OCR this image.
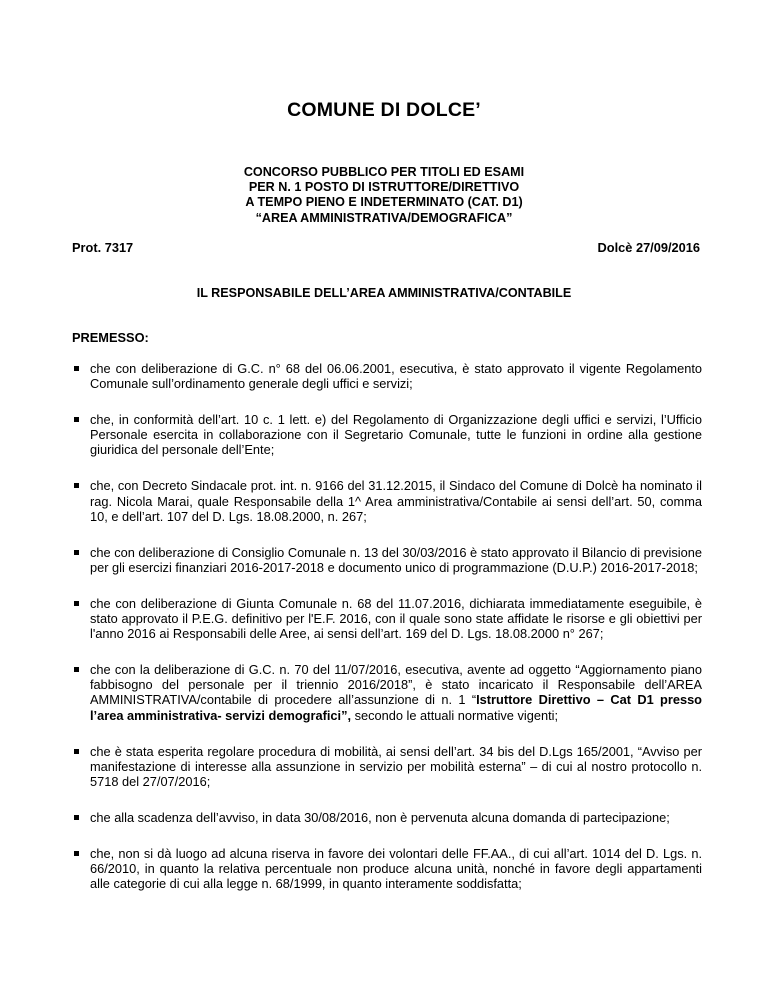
COMUNE DI DOLCE’
CONCORSO PUBBLICO PER TITOLI ED ESAMI
PER N. 1 POSTO DI ISTRUTTORE/DIRETTIVO
A TEMPO PIENO E INDETERMINATO (CAT. D1)
“AREA AMMINISTRATIVA/DEMOGRAFICA”
Prot. 7317	Dolcè 27/09/2016
IL RESPONSABILE DELL’AREA AMMINISTRATIVA/CONTABILE
PREMESSO:
che con deliberazione di G.C. n° 68 del 06.06.2001, esecutiva, è stato approvato il vigente Regolamento Comunale sull’ordinamento generale degli uffici e servizi;
che, in conformità dell’art. 10 c. 1 lett. e) del Regolamento di Organizzazione degli uffici e servizi, l’Ufficio Personale esercita in collaborazione con il Segretario Comunale, tutte le funzioni in ordine alla gestione giuridica del personale dell’Ente;
che, con Decreto Sindacale prot. int. n. 9166 del 31.12.2015, il Sindaco del Comune di Dolcè ha nominato il rag. Nicola Marai, quale Responsabile della 1^ Area amministrativa/Contabile ai sensi dell’art. 50, comma 10, e dell’art. 107 del D. Lgs. 18.08.2000, n. 267;
che con deliberazione di Consiglio Comunale n. 13 del 30/03/2016 è stato approvato il Bilancio di previsione per gli esercizi finanziari 2016-2017-2018 e documento unico di programmazione (D.U.P.) 2016-2017-2018;
che con deliberazione di Giunta Comunale n. 68 del 11.07.2016, dichiarata immediatamente eseguibile, è stato approvato il P.E.G. definitivo per l'E.F. 2016, con il quale sono state affidate le risorse e gli obiettivi per l'anno 2016 ai Responsabili delle Aree, ai sensi dell’art. 169 del D. Lgs. 18.08.2000 n° 267;
che con la deliberazione di G.C. n. 70 del 11/07/2016, esecutiva, avente ad oggetto “Aggiornamento piano fabbisogno del personale per il triennio 2016/2018”, è stato incaricato il Responsabile dell’AREA AMMINISTRATIVA/contabile di procedere all’assunzione di n. 1 “Istruttore Direttivo – Cat D1 presso l’area amministrativa- servizi demografici”, secondo le attuali normative vigenti;
che è stata esperita regolare procedura di mobilità, ai sensi dell’art. 34 bis del D.Lgs 165/2001, “Avviso per manifestazione di interesse alla assunzione in servizio per mobilità esterna” – di cui al nostro protocollo n. 5718 del 27/07/2016;
che alla scadenza dell’avviso, in data 30/08/2016, non è pervenuta alcuna domanda di partecipazione;
che, non si dà luogo ad alcuna riserva in favore dei volontari delle FF.AA., di cui all’art. 1014 del D. Lgs. n. 66/2010, in quanto la relativa percentuale non produce alcuna unità, nonché in favore degli appartamenti alle categorie di cui alla legge n. 68/1999, in quanto interamente soddisfatta;
